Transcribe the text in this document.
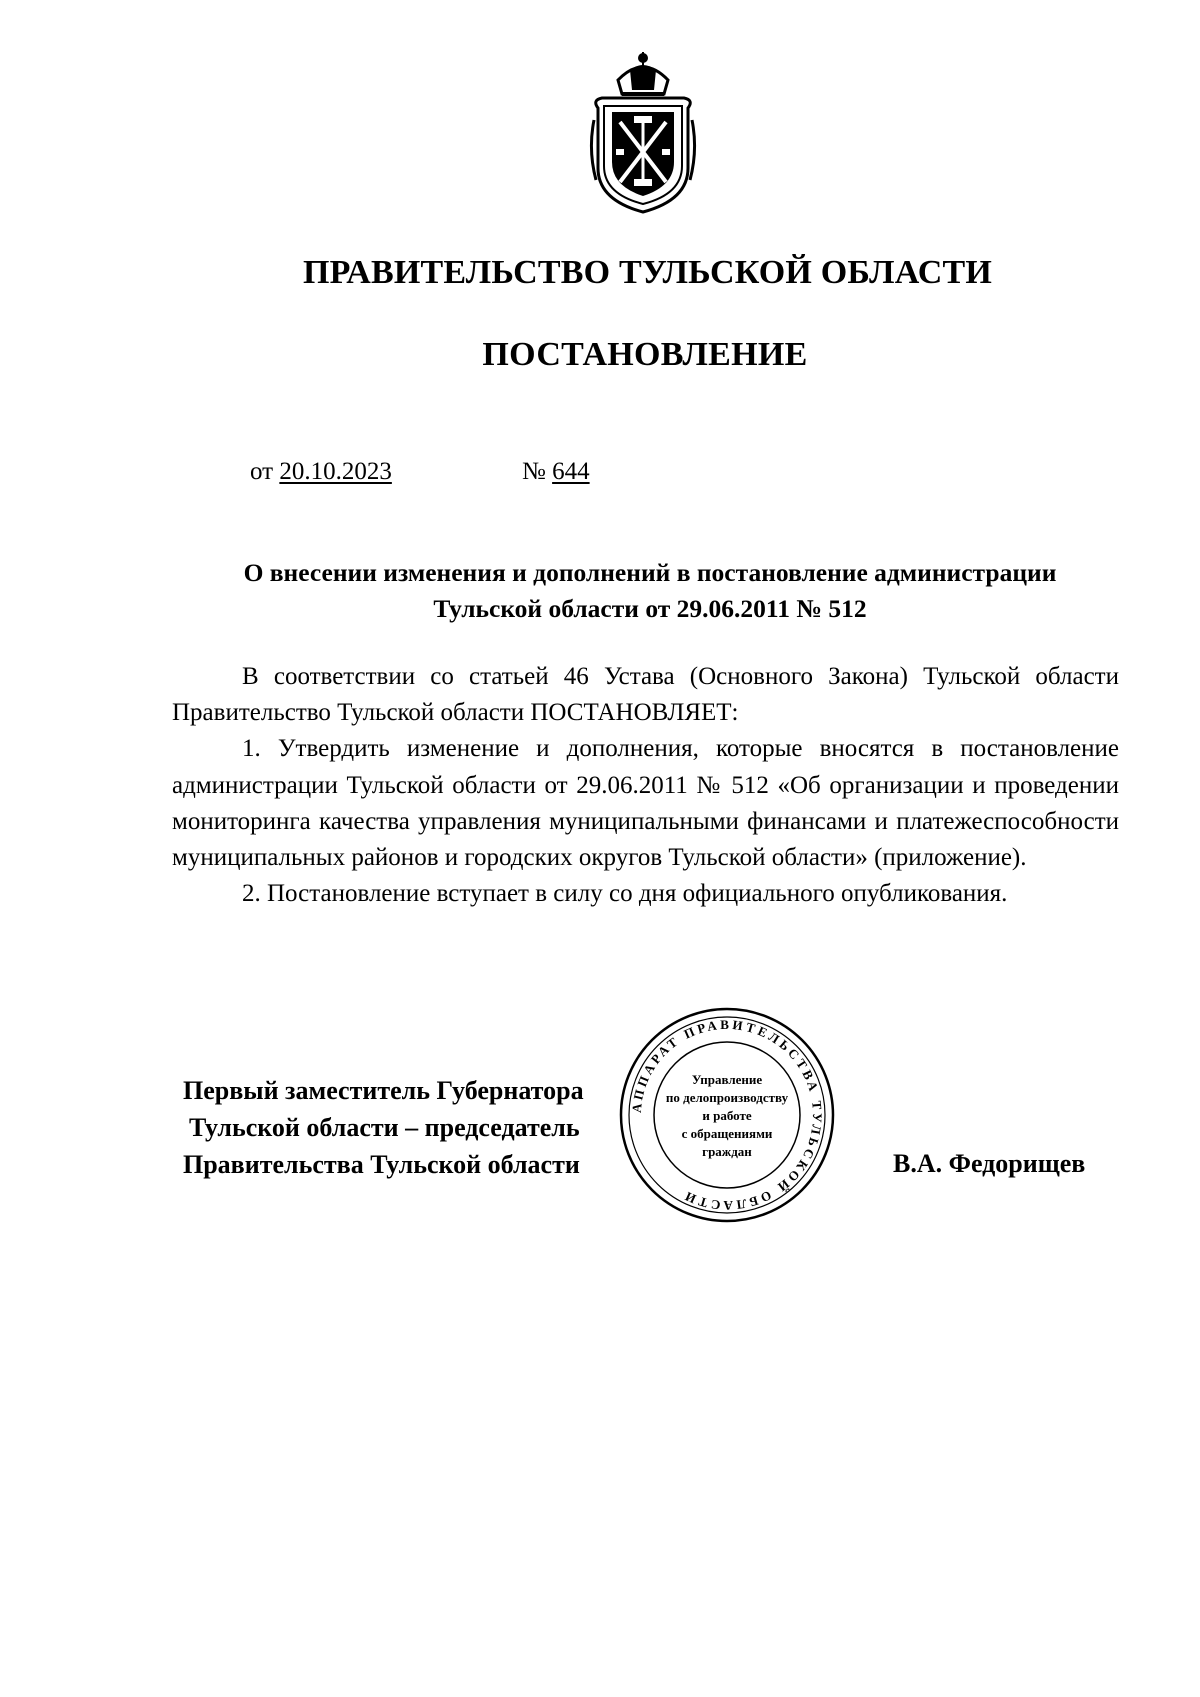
ПРАВИТЕЛЬСТВО ТУЛЬСКОЙ ОБЛАСТИ
ПОСТАНОВЛЕНИЕ
от 20.10.2023	№ 644
О внесении изменения и дополнений в постановление администрации
Тульской области от 29.06.2011 № 512

В соответствии со статьей 46 Устава (Основного Закона) Тульской области Правительство Тульской области ПОСТАНОВЛЯЕТ:

1. Утвердить изменение и дополнения, которые вносятся в постановление администрации Тульской области от 29.06.2011 № 512 «Об организации и проведении мониторинга качества управления муниципальными финансами и платежеспособности муниципальных районов и городских округов Тульской области» (приложение).

2. Постановление вступает в силу со дня официального опубликования.

Первый заместитель Губернатора
Тульской области – председатель
Правительства Тульской области	В.А. Федорищев
АППАРАТ ПРАВИТЕЛЬСТВА ТУЛЬСКОЙ ОБЛАСТИ
Управление
по делопроизводству
и работе
с обращениями
граждан
